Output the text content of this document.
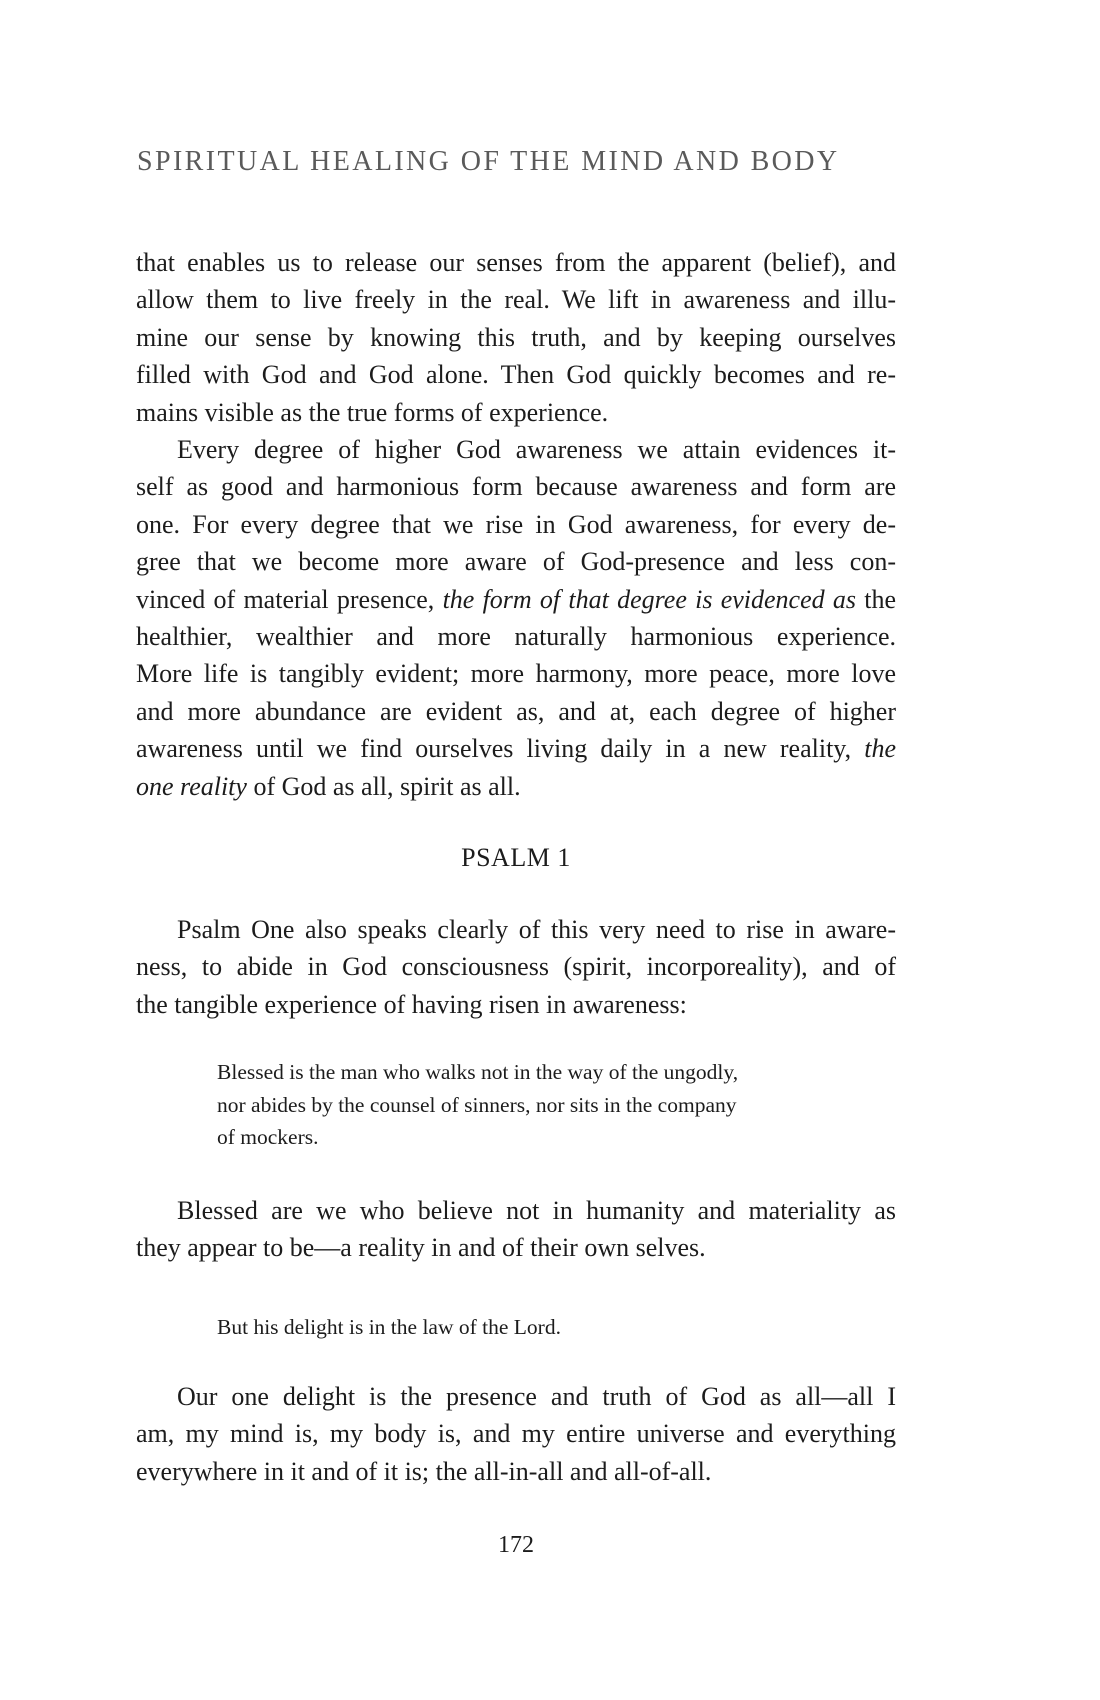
SPIRITUAL HEALING OF THE MIND AND BODY
that enables us to release our senses from the apparent (belief), and
allow them to live freely in the real. We lift in awareness and illu-
mine our sense by knowing this truth, and by keeping ourselves
filled with God and God alone. Then God quickly becomes and re-
mains visible as the true forms of experience.
Every degree of higher God awareness we attain evidences it-
self as good and harmonious form because awareness and form are
one. For every degree that we rise in God awareness, for every de-
gree that we become more aware of God-presence and less con-
vinced of material presence, the form of that degree is evidenced as the
healthier, wealthier and more naturally harmonious experience.
More life is tangibly evident; more harmony, more peace, more love
and more abundance are evident as, and at, each degree of higher
awareness until we find ourselves living daily in a new reality, the
one reality of God as all, spirit as all.
PSALM 1
Psalm One also speaks clearly of this very need to rise in aware-
ness, to abide in God consciousness (spirit, incorporeality), and of
the tangible experience of having risen in awareness:
Blessed is the man who walks not in the way of the ungodly,
nor abides by the counsel of sinners, nor sits in the company
of mockers.
Blessed are we who believe not in humanity and materiality as
they appear to be—a reality in and of their own selves.
But his delight is in the law of the Lord.
Our one delight is the presence and truth of God as all—all I
am, my mind is, my body is, and my entire universe and everything
everywhere in it and of it is; the all-in-all and all-of-all.
172
